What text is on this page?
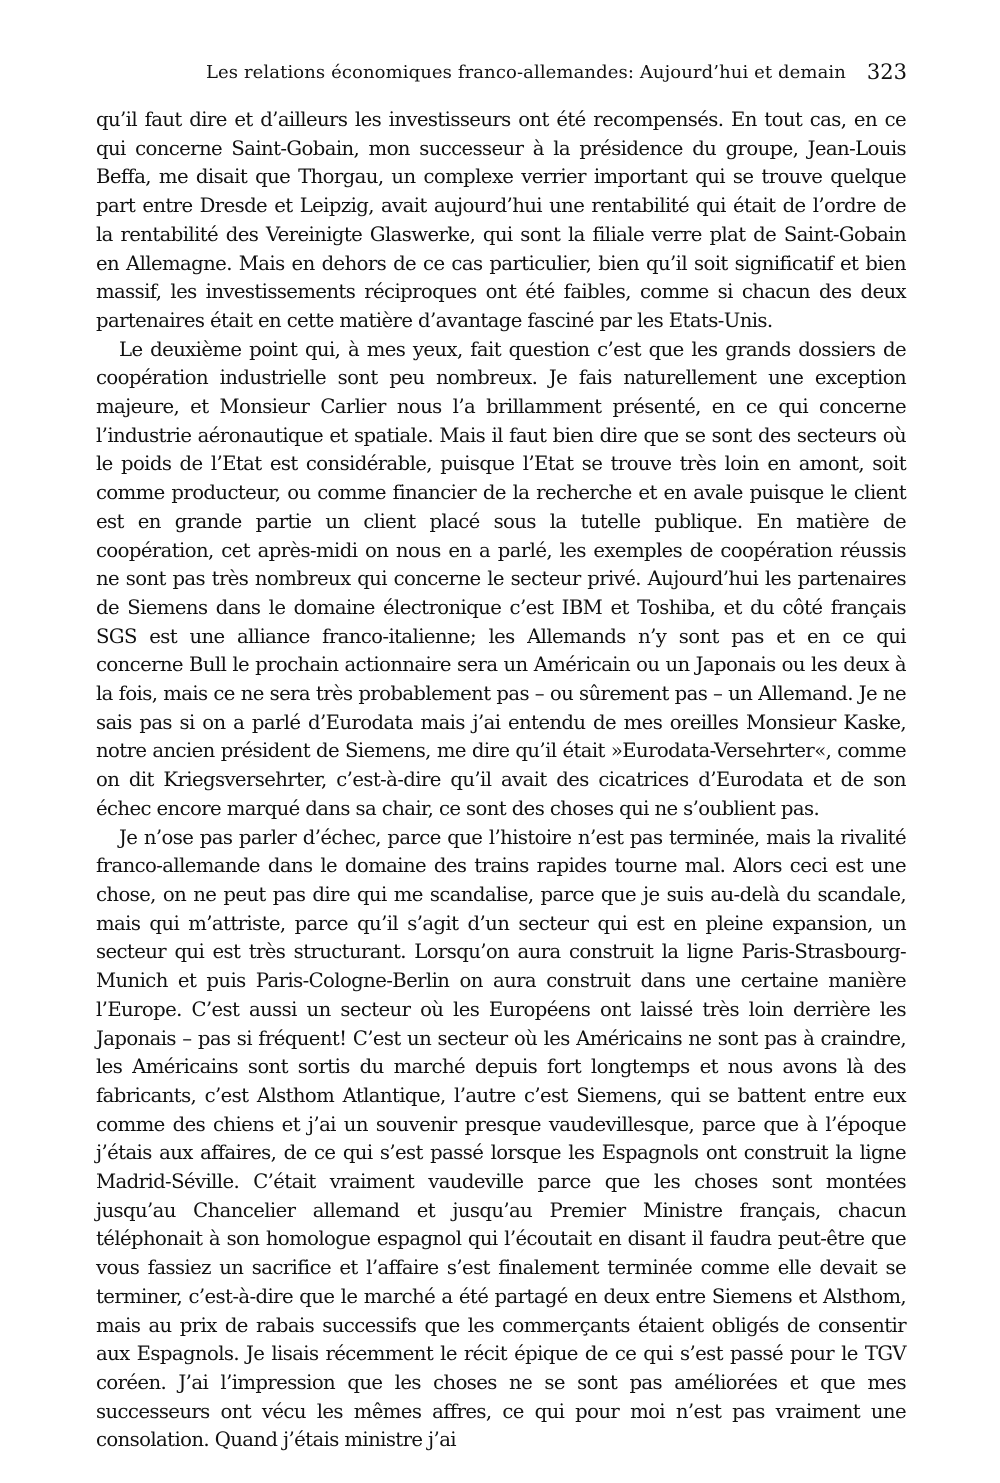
Les relations économiques franco-allemandes: Aujourd’hui et demain 323

qu’il faut dire et d’ailleurs les investisseurs ont été recompensés. En tout cas, en ce qui concerne Saint-Gobain, mon successeur à la présidence du groupe, Jean-Louis Beffa, me disait que Thorgau, un complexe verrier important qui se trouve quelque part entre Dresde et Leipzig, avait aujourd’hui une rentabilité qui était de l’ordre de la rentabilité des Vereinigte Glaswerke, qui sont la filiale verre plat de Saint-Gobain en Allemagne. Mais en dehors de ce cas particulier, bien qu’il soit significatif et bien massif, les investissements réciproques ont été faibles, comme si chacun des deux partenaires était en cette matière d’avantage fasciné par les Etats-Unis.

Le deuxième point qui, à mes yeux, fait question c’est que les grands dossiers de coopération industrielle sont peu nombreux. Je fais naturellement une exception majeure, et Monsieur Carlier nous l’a brillamment présenté, en ce qui concerne l’industrie aéronautique et spatiale. Mais il faut bien dire que se sont des secteurs où le poids de l’Etat est considérable, puisque l’Etat se trouve très loin en amont, soit comme producteur, ou comme financier de la recherche et en avale puisque le client est en grande partie un client placé sous la tutelle publique. En matière de coopération, cet après-midi on nous en a parlé, les exemples de coopération réussis ne sont pas très nombreux qui concerne le secteur privé. Aujourd’hui les partenaires de Siemens dans le domaine électronique c’est IBM et Toshiba, et du côté français SGS est une alliance franco-italienne; les Allemands n’y sont pas et en ce qui concerne Bull le prochain actionnaire sera un Américain ou un Japonais ou les deux à la fois, mais ce ne sera très probablement pas – ou sûrement pas – un Allemand. Je ne sais pas si on a parlé d’Eurodata mais j’ai entendu de mes oreilles Monsieur Kaske, notre ancien président de Siemens, me dire qu’il était »Eurodata-Versehrter«, comme on dit Kriegsversehrter, c’est-à-dire qu’il avait des cicatrices d’Eurodata et de son échec encore marqué dans sa chair, ce sont des choses qui ne s’oublient pas.

Je n’ose pas parler d’échec, parce que l’histoire n’est pas terminée, mais la rivalité franco-allemande dans le domaine des trains rapides tourne mal. Alors ceci est une chose, on ne peut pas dire qui me scandalise, parce que je suis au-delà du scandale, mais qui m’attriste, parce qu’il s’agit d’un secteur qui est en pleine expansion, un secteur qui est très structurant. Lorsqu’on aura construit la ligne Paris-Strasbourg-Munich et puis Paris-Cologne-Berlin on aura construit dans une certaine manière l’Europe. C’est aussi un secteur où les Européens ont laissé très loin derrière les Japonais – pas si fréquent! C’est un secteur où les Américains ne sont pas à craindre, les Américains sont sortis du marché depuis fort longtemps et nous avons là des fabricants, c’est Alsthom Atlantique, l’autre c’est Siemens, qui se battent entre eux comme des chiens et j’ai un souvenir presque vaudevillesque, parce que à l’époque j’étais aux affaires, de ce qui s’est passé lorsque les Espagnols ont construit la ligne Madrid-Séville. C’était vraiment vaudeville parce que les choses sont montées jusqu’au Chancelier allemand et jusqu’au Premier Ministre français, chacun téléphonait à son homologue espagnol qui l’écoutait en disant il faudra peut-être que vous fassiez un sacrifice et l’affaire s’est finalement terminée comme elle devait se terminer, c’est-à-dire que le marché a été partagé en deux entre Siemens et Alsthom, mais au prix de rabais successifs que les commerçants étaient obligés de consentir aux Espagnols. Je lisais récemment le récit épique de ce qui s’est passé pour le TGV coréen. J’ai l’impression que les choses ne se sont pas améliorées et que mes successeurs ont vécu les mêmes affres, ce qui pour moi n’est pas vraiment une consolation. Quand j’étais ministre j’ai
